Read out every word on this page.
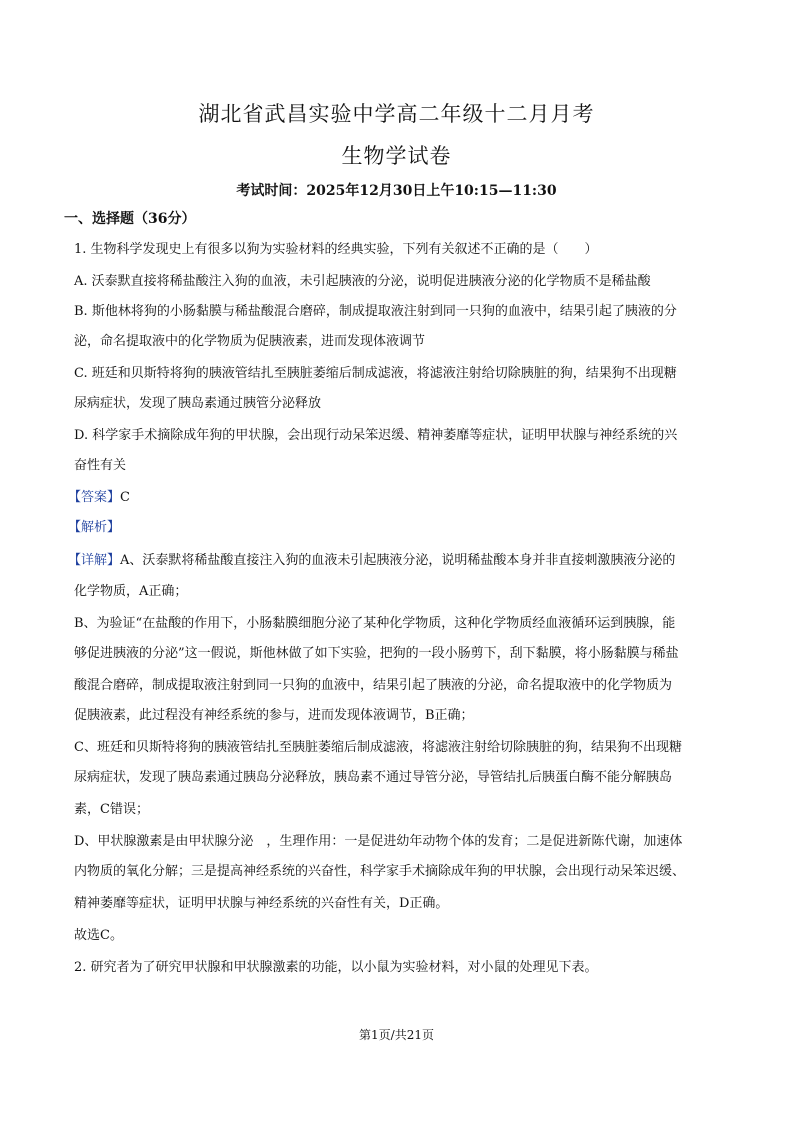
湖北省武昌实验中学高二年级十二月月考
生物学试卷
考试时间：2025年12月30日上午10:15—11:30
一、选择题（36分）
1. 生物科学发现史上有很多以狗为实验材料的经典实验，下列有关叙述不正确的是（　　）
A. 沃泰默直接将稀盐酸注入狗的血液，未引起胰液的分泌，说明促进胰液分泌的化学物质不是稀盐酸
B. 斯他林将狗的小肠黏膜与稀盐酸混合磨碎，制成提取液注射到同一只狗的血液中，结果引起了胰液的分
泌，命名提取液中的化学物质为促胰液素，进而发现体液调节
C. 班廷和贝斯特将狗的胰液管结扎至胰脏萎缩后制成滤液，将滤液注射给切除胰脏的狗，结果狗不出现糖
尿病症状，发现了胰岛素通过胰管分泌释放
D. 科学家手术摘除成年狗的甲状腺，会出现行动呆笨迟缓、精神萎靡等症状，证明甲状腺与神经系统的兴
奋性有关
【答案】C
【解析】
【详解】A、沃泰默将稀盐酸直接注入狗的血液未引起胰液分泌，说明稀盐酸本身并非直接刺激胰液分泌的
化学物质，A正确；
B、为验证“在盐酸的作用下，小肠黏膜细胞分泌了某种化学物质，这种化学物质经血液循环运到胰腺，能
够促进胰液的分泌”这一假说，斯他林做了如下实验，把狗的一段小肠剪下，刮下黏膜，将小肠黏膜与稀盐
酸混合磨碎，制成提取液注射到同一只狗的血液中，结果引起了胰液的分泌，命名提取液中的化学物质为
促胰液素，此过程没有神经系统的参与，进而发现体液调节，B正确；
C、班廷和贝斯特将狗的胰液管结扎至胰脏萎缩后制成滤液，将滤液注射给切除胰脏的狗，结果狗不出现糖
尿病症状，发现了胰岛素通过胰岛分泌释放，胰岛素不通过导管分泌，导管结扎后胰蛋白酶不能分解胰岛
素，C错误；
D、甲状腺激素是由甲状腺分泌　，生理作用：一是促进幼年动物个体的发育；二是促进新陈代谢，加速体
内物质的氧化分解；三是提高神经系统的兴奋性，科学家手术摘除成年狗的甲状腺，会出现行动呆笨迟缓、
精神萎靡等症状，证明甲状腺与神经系统的兴奋性有关，D正确。
故选C。
2. 研究者为了研究甲状腺和甲状腺激素的功能，以小鼠为实验材料，对小鼠的处理见下表。
第1页/共21页
